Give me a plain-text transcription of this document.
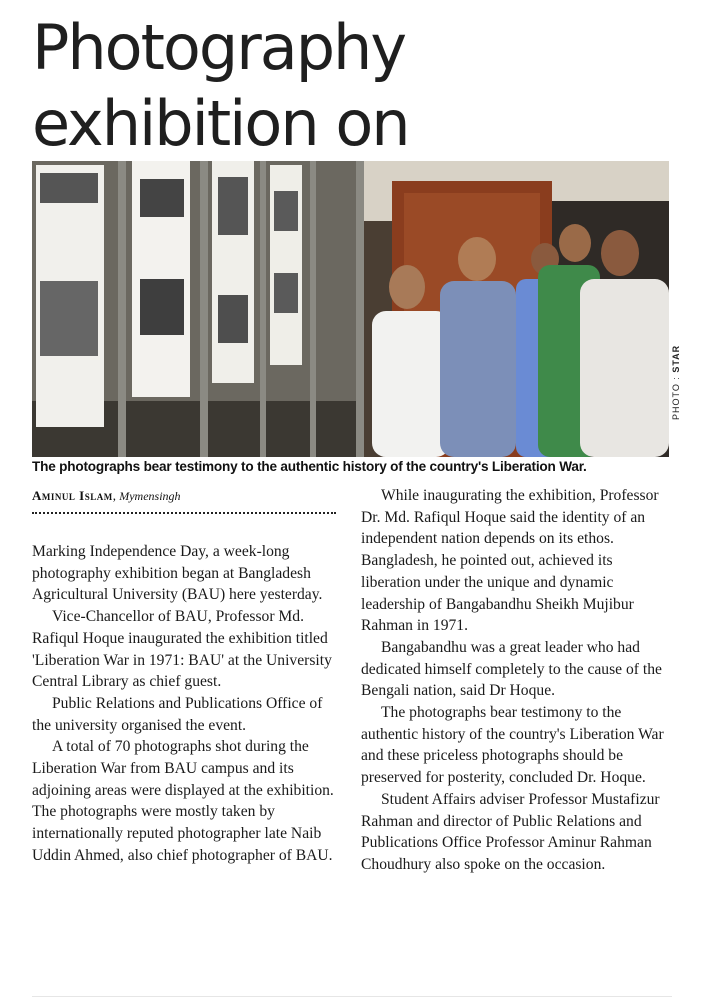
Photography exhibition on
PHOTO : STAR
The photographs bear testimony to the authentic history of the country's Liberation War.
Aminul Islam, Mymensingh

Marking Independence Day, a week-long photography exhibition began at Bangladesh Agricultural University (BAU) here yesterday.

Vice-Chancellor of BAU, Professor Md. Rafiqul Hoque inaugurated the exhibition titled 'Liberation War in 1971: BAU' at the University Central Library as chief guest.

Public Relations and Publications Office of the university organised the event.

A total of 70 photographs shot during the Liberation War from BAU campus and its adjoining areas were displayed at the exhibition. The photographs were mostly taken by internationally reputed photographer late Naib Uddin Ahmed, also chief photographer of BAU.

While inaugurating the exhibition, Professor Dr. Md. Rafiqul Hoque said the identity of an independent nation depends on its ethos. Bangladesh, he pointed out, achieved its liberation under the unique and dynamic leadership of Bangabandhu Sheikh Mujibur Rahman in 1971.

Bangabandhu was a great leader who had dedicated himself completely to the cause of the Bengali nation, said Dr Hoque.

The photographs bear testimony to the authentic history of the country's Liberation War and these priceless photographs should be preserved for posterity, concluded Dr. Hoque.

Student Affairs adviser Professor Mustafizur Rahman and director of Public Relations and Publications Office Professor Aminur Rahman Choudhury also spoke on the occasion.
